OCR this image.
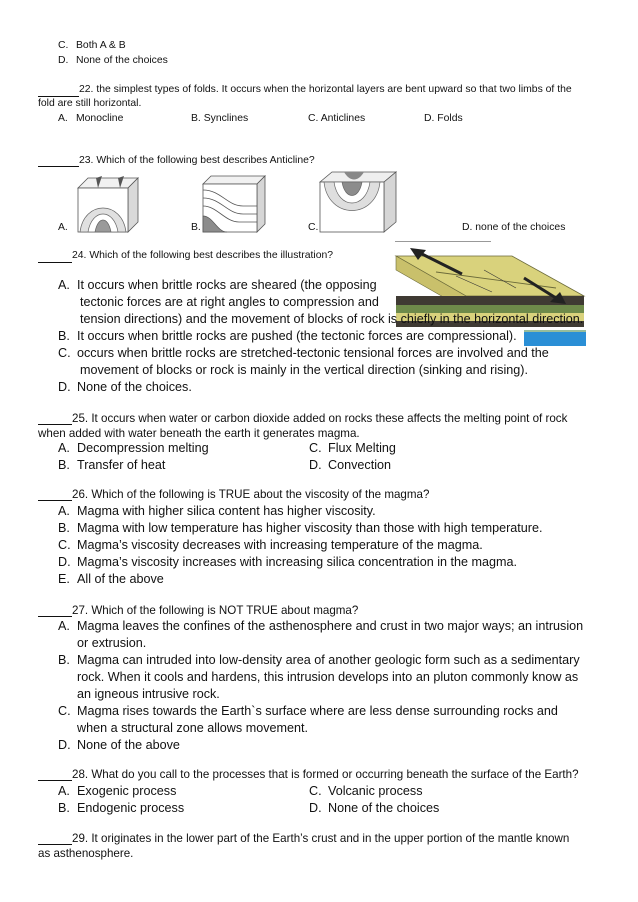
C. Both A & B
D. None of the choices
22. the simplest types of folds. It occurs when the horizontal layers are bent upward so that two limbs of the
fold are still horizontal.
A. Monocline	B. Synclines	C. Anticlines	D. Folds
23. Which of the following best describes Anticline?
A.	B.	C.	D. none of the choices
24. Which of the following best describes the illustration?
A. It occurs when brittle rocks are sheared (the opposing
tectonic forces are at right angles to compression and
tension directions) and the movement of blocks of rock is chiefly in the horizontal direction.
B. It occurs when brittle rocks are pushed (the tectonic forces are compressional).
C. occurs when brittle rocks are stretched-tectonic tensional forces are involved and the
movement of blocks or rock is mainly in the vertical direction (sinking and rising).
D. None of the choices.
25. It occurs when water or carbon dioxide added on rocks these affects the melting point of rock
when added with water beneath the earth it generates magma.
A. Decompression melting	C. Flux Melting
B. Transfer of heat	D. Convection
26. Which of the following is TRUE about the viscosity of the magma?
A. Magma with higher silica content has higher viscosity.
B. Magma with low temperature has higher viscosity than those with high temperature.
C. Magma’s viscosity decreases with increasing temperature of the magma.
D. Magma’s viscosity increases with increasing silica concentration in the magma.
E. All of the above
27. Which of the following is NOT TRUE about magma?
A. Magma leaves the confines of the asthenosphere and crust in two major ways; an intrusion
or extrusion.
B. Magma can intruded into low-density area of another geologic form such as a sedimentary
rock. When it cools and hardens, this intrusion develops into an pluton commonly know as
an igneous intrusive rock.
C. Magma rises towards the Earth`s surface where are less dense surrounding rocks and
when a structural zone allows movement.
D. None of the above
28. What do you call to the processes that is formed or occurring beneath the surface of the Earth?
A. Exogenic process	C. Volcanic process
B. Endogenic process	D. None of the choices
29. It originates in the lower part of the Earth’s crust and in the upper portion of the mantle known
as asthenosphere.
